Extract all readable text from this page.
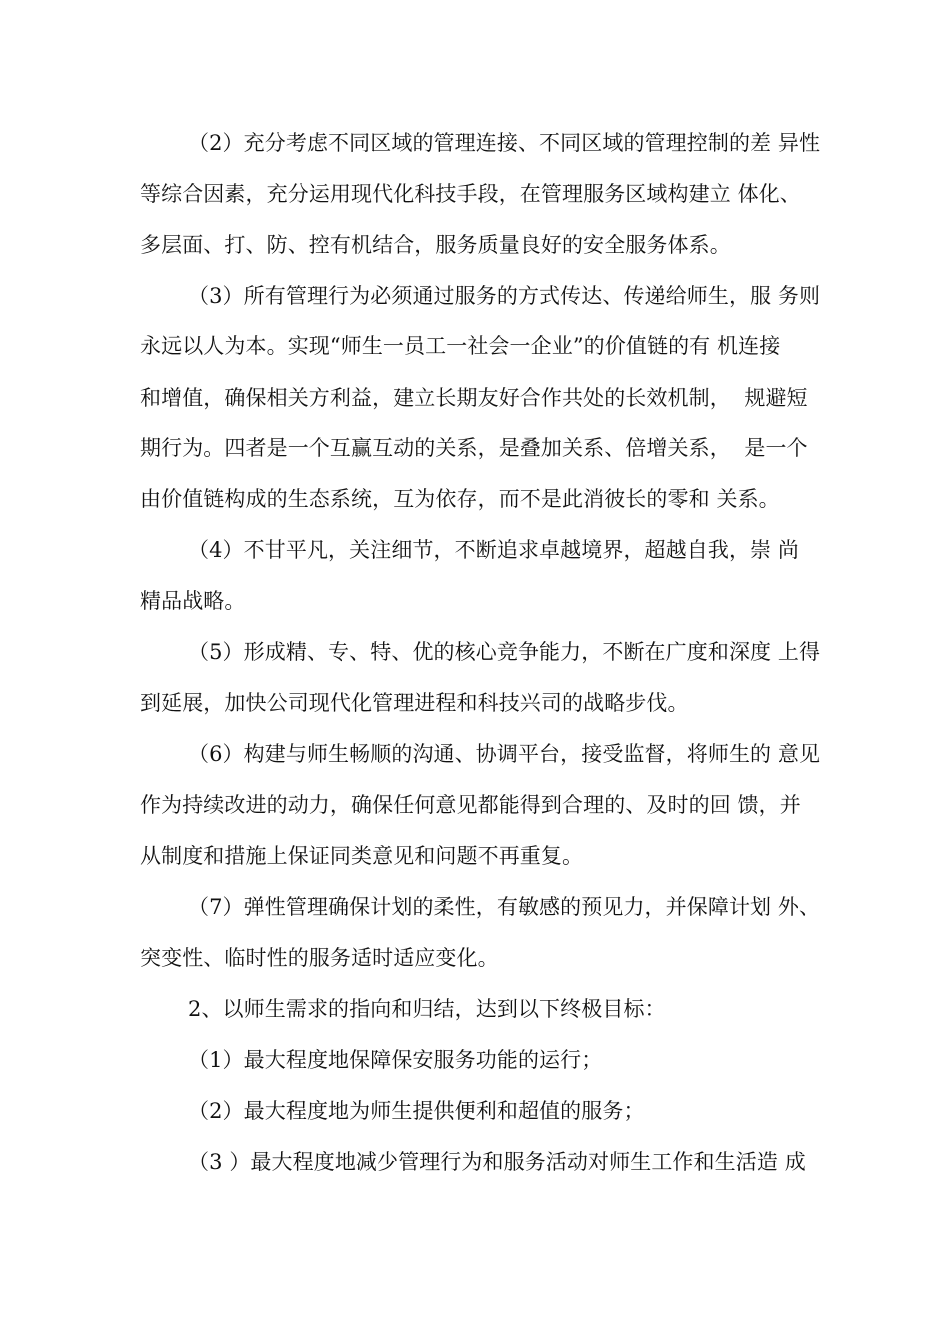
（2）充分考虑不同区域的管理连接、不同区域的管理控制的差 异性
等综合因素，充分运用现代化科技手段，在管理服务区域构建立 体化、
多层面、打、防、控有机结合，服务质量良好的安全服务体系。
（3）所有管理行为必须通过服务的方式传达、传递给师生，服 务则
永远以人为本。实现“师生一员工一社会一企业”的价值链的有 机连接
和增值，确保相关方利益，建立长期友好合作共处的长效机制，  规避短
期行为。四者是一个互赢互动的关系，是叠加关系、倍增关系，  是一个
由价值链构成的生态系统，互为依存，而不是此消彼长的零和 关系。
（4）不甘平凡，关注细节，不断追求卓越境界，超越自我，崇 尚
精品战略。
（5）形成精、专、特、优的核心竞争能力，不断在广度和深度 上得
到延展，加快公司现代化管理进程和科技兴司的战略步伐。
（6）构建与师生畅顺的沟通、协调平台，接受监督，将师生的 意见
作为持续改进的动力，确保任何意见都能得到合理的、及时的回 馈，并
从制度和措施上保证同类意见和问题不再重复。
（7）弹性管理确保计划的柔性，有敏感的预见力，并保障计划 外、
突变性、临时性的服务适时适应变化。
2、以师生需求的指向和归结，达到以下终极目标：
（1）最大程度地保障保安服务功能的运行；
（2）最大程度地为师生提供便利和超值的服务；
（3 ）最大程度地减少管理行为和服务活动对师生工作和生活造 成
